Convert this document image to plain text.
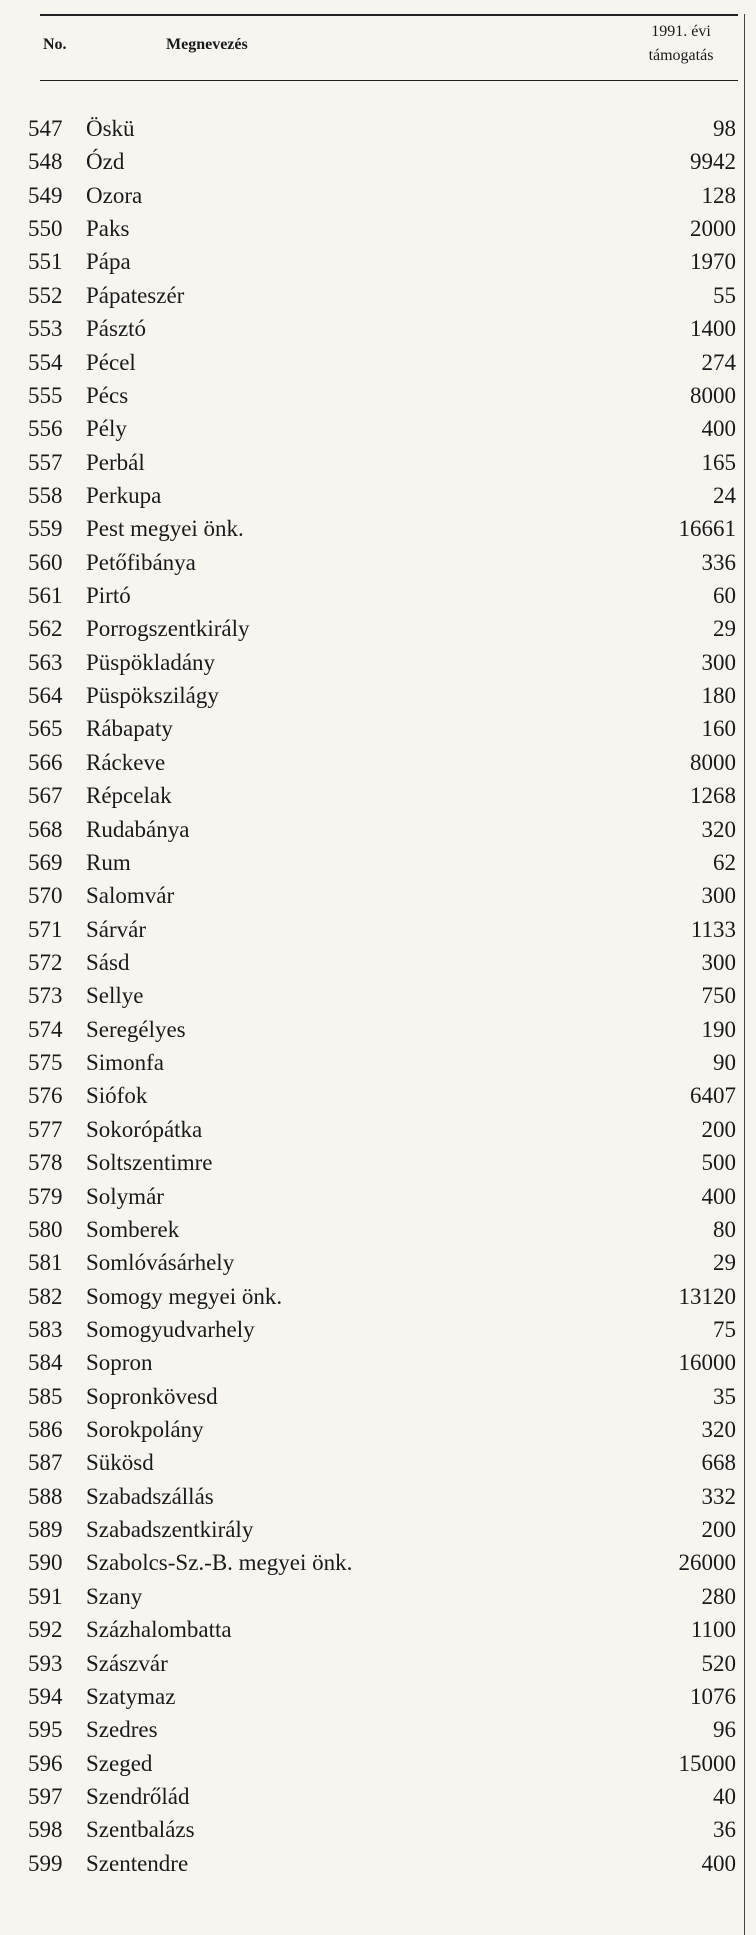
No.	Megnevezés
1991. évi
támogatás
547	Öskü	98
548	Ózd	9942
549	Ozora	128
550	Paks	2000
551	Pápa	1970
552	Pápateszér	55
553	Pásztó	1400
554	Pécel	274
555	Pécs	8000
556	Pély	400
557	Perbál	165
558	Perkupa	24
559	Pest megyei önk.	16661
560	Petőfibánya	336
561	Pirtó	60
562	Porrogszentkirály	29
563	Püspökladány	300
564	Püspökszilágy	180
565	Rábapaty	160
566	Ráckeve	8000
567	Répcelak	1268
568	Rudabánya	320
569	Rum	62
570	Salomvár	300
571	Sárvár	1133
572	Sásd	300
573	Sellye	750
574	Seregélyes	190
575	Simonfa	90
576	Siófok	6407
577	Sokorópátka	200
578	Soltszentimre	500
579	Solymár	400
580	Somberek	80
581	Somlóvásárhely	29
582	Somogy megyei önk.	13120
583	Somogyudvarhely	75
584	Sopron	16000
585	Sopronkövesd	35
586	Sorokpolány	320
587	Sükösd	668
588	Szabadszállás	332
589	Szabadszentkirály	200
590	Szabolcs-Sz.-B. megyei önk.	26000
591	Szany	280
592	Százhalombatta	1100
593	Szászvár	520
594	Szatymaz	1076
595	Szedres	96
596	Szeged	15000
597	Szendrőlád	40
598	Szentbalázs	36
599	Szentendre	400
